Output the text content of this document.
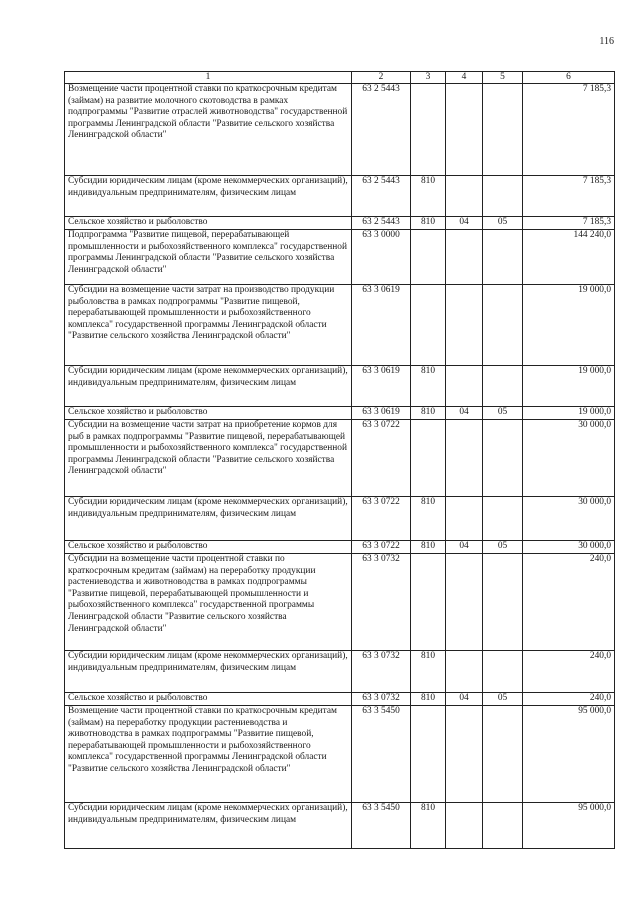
116
1	2	3	4	5	6
Возмещение части процентной ставки по краткосрочным кредитам (займам) на развитие молочного скотоводства в рамках подпрограммы "Развитие отраслей животноводства" государственной программы Ленинградской области "Развитие сельского хозяйства Ленинградской области"	63 2 5443				7 185,3
Субсидии юридическим лицам (кроме некоммерческих организаций), индивидуальным предпринимателям, физическим лицам	63 2 5443	810			7 185,3
Сельское хозяйство и рыболовство	63 2 5443	810	04	05	7 185,3
Подпрограмма "Развитие пищевой, перерабатывающей промышленности и рыбохозяйственного комплекса" государственной программы Ленинградской области "Развитие сельского хозяйства Ленинградской области"	63 3 0000				144 240,0
Субсидии на возмещение части затрат на производство продукции рыболовства в рамках подпрограммы "Развитие пищевой, перерабатывающей промышленности и рыбохозяйственного комплекса" государственной программы Ленинградской области "Развитие сельского хозяйства Ленинградской области"	63 3 0619				19 000,0
Субсидии юридическим лицам (кроме некоммерческих организаций), индивидуальным предпринимателям, физическим лицам	63 3 0619	810			19 000,0
Сельское хозяйство и рыболовство	63 3 0619	810	04	05	19 000,0
Субсидии на возмещение части затрат на приобретение кормов для рыб в рамках подпрограммы "Развитие пищевой, перерабатывающей промышленности и рыбохозяйственного комплекса" государственной программы Ленинградской области "Развитие сельского хозяйства Ленинградской области"	63 3 0722				30 000,0
Субсидии юридическим лицам (кроме некоммерческих организаций), индивидуальным предпринимателям, физическим лицам	63 3 0722	810			30 000,0
Сельское хозяйство и рыболовство	63 3 0722	810	04	05	30 000,0
Субсидии на возмещение части процентной ставки по краткосрочным кредитам (займам) на переработку продукции растениеводства и животноводства в рамках подпрограммы "Развитие пищевой, перерабатывающей промышленности и рыбохозяйственного комплекса" государственной программы Ленинградской области "Развитие сельского хозяйства Ленинградской области"	63 3 0732				240,0
Субсидии юридическим лицам (кроме некоммерческих организаций), индивидуальным предпринимателям, физическим лицам	63 3 0732	810			240,0
Сельское хозяйство и рыболовство	63 3 0732	810	04	05	240,0
Возмещение части процентной ставки по краткосрочным кредитам (займам) на переработку продукции растениеводства и животноводства в рамках подпрограммы "Развитие пищевой, перерабатывающей промышленности и рыбохозяйственного комплекса" государственной программы Ленинградской области "Развитие сельского хозяйства Ленинградской области"	63 3 5450				95 000,0
Субсидии юридическим лицам (кроме некоммерческих организаций), индивидуальным предпринимателям, физическим лицам	63 3 5450	810			95 000,0
